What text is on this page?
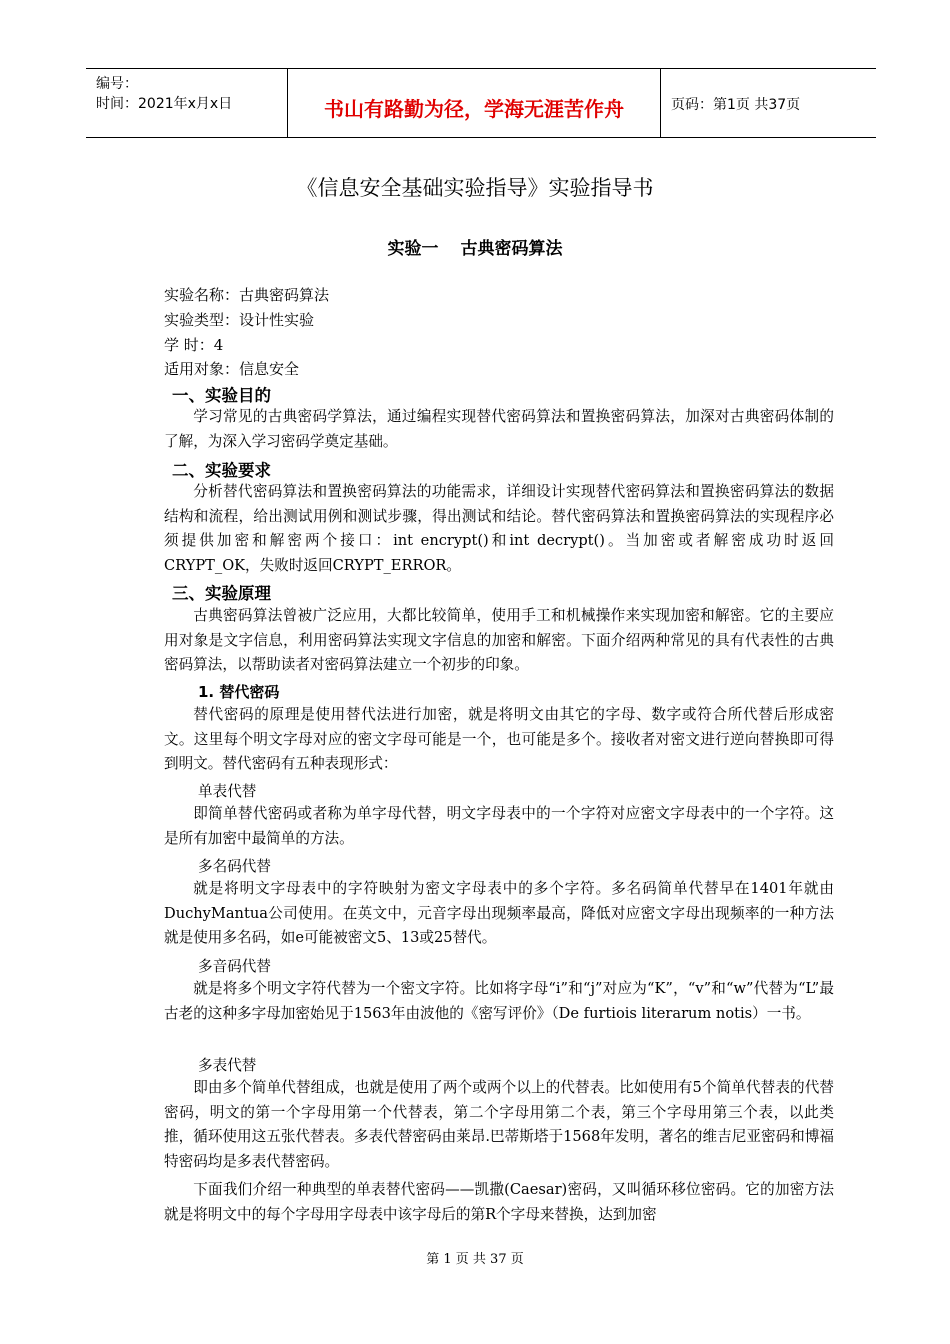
编号：
时间：2021年x月x日	书山有路勤为径，学海无涯苦作舟	页码：第1页 共37页
《信息安全基础实验指导》实验指导书
实验一 古典密码算法
实验名称：古典密码算法
实验类型：设计性实验
学 时：4
适用对象：信息安全
一、实验目的
学习常见的古典密码学算法，通过编程实现替代密码算法和置换密码算法，加深对古典密码体制的了解，为深入学习密码学奠定基础。
二、实验要求
分析替代密码算法和置换密码算法的功能需求，详细设计实现替代密码算法和置换密码算法的数据结构和流程，给出测试用例和测试步骤，得出测试和结论。替代密码算法和置换密码算法的实现程序必须提供加密和解密两个接口：int encrypt()和int decrypt()。当加密或者解密成功时返回CRYPT_OK，失败时返回CRYPT_ERROR。
三、实验原理
古典密码算法曾被广泛应用，大都比较简单，使用手工和机械操作来实现加密和解密。它的主要应用对象是文字信息，利用密码算法实现文字信息的加密和解密。下面介绍两种常见的具有代表性的古典密码算法，以帮助读者对密码算法建立一个初步的印象。
1. 替代密码
替代密码的原理是使用替代法进行加密，就是将明文由其它的字母、数字或符合所代替后形成密文。这里每个明文字母对应的密文字母可能是一个，也可能是多个。接收者对密文进行逆向替换即可得到明文。替代密码有五种表现形式：
单表代替
即简单替代密码或者称为单字母代替，明文字母表中的一个字符对应密文字母表中的一个字符。这是所有加密中最简单的方法。
多名码代替
就是将明文字母表中的字符映射为密文字母表中的多个字符。多名码简单代替早在1401年就由DuchyMantua公司使用。在英文中，元音字母出现频率最高，降低对应密文字母出现频率的一种方法就是使用多名码，如e可能被密文5、13或25替代。
多音码代替
就是将多个明文字符代替为一个密文字符。比如将字母“i”和“j”对应为“K”，“v”和“w”代替为“L”最古老的这种多字母加密始见于1563年由波他的《密写评价》（De furtiois literarum notis）一书。
多表代替
即由多个简单代替组成，也就是使用了两个或两个以上的代替表。比如使用有5个简单代替表的代替密码，明文的第一个字母用第一个代替表，第二个字母用第二个表，第三个字母用第三个表，以此类推，循环使用这五张代替表。多表代替密码由莱昂.巴蒂斯塔于1568年发明，著名的维吉尼亚密码和博福特密码均是多表代替密码。
下面我们介绍一种典型的单表替代密码——凯撒(Caesar)密码，又叫循环移位密码。它的加密方法就是将明文中的每个字母用字母表中该字母后的第R个字母来替换，达到加密
第 1 页 共 37 页
